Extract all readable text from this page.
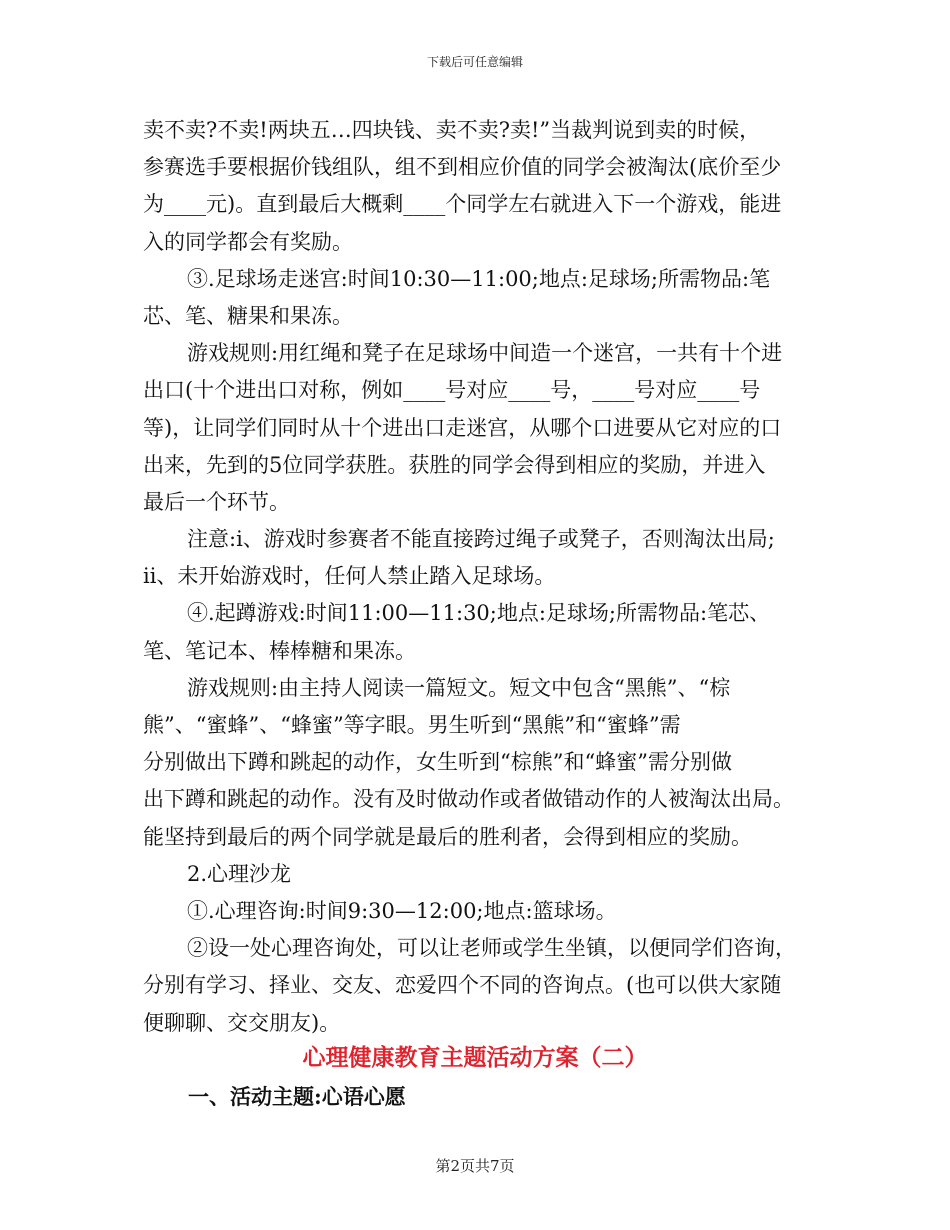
下载后可任意编辑
卖不卖?不卖!两块五…四块钱、卖不卖?卖!”当裁判说到卖的时候，
参赛选手要根据价钱组队，组不到相应价值的同学会被淘汰(底价至少
为____元)。直到最后大概剩____个同学左右就进入下一个游戏，能进
入的同学都会有奖励。
③.足球场走迷宫:时间10:30—11:00;地点:足球场;所需物品:笔
芯、笔、糖果和果冻。
游戏规则:用红绳和凳子在足球场中间造一个迷宫，一共有十个进
出口(十个进出口对称，例如____号对应____号，____号对应____号
等)，让同学们同时从十个进出口走迷宫，从哪个口进要从它对应的口
出来，先到的5位同学获胜。获胜的同学会得到相应的奖励，并进入
最后一个环节。
注意:ⅰ、游戏时参赛者不能直接跨过绳子或凳子，否则淘汰出局;
ⅱ、未开始游戏时，任何人禁止踏入足球场。
④.起蹲游戏:时间11:00—11:30;地点:足球场;所需物品:笔芯、
笔、笔记本、棒棒糖和果冻。
游戏规则:由主持人阅读一篇短文。短文中包含“黑熊”、“棕
熊”、“蜜蜂”、“蜂蜜”等字眼。男生听到“黑熊”和“蜜蜂”需
分别做出下蹲和跳起的动作，女生听到“棕熊”和“蜂蜜”需分别做
出下蹲和跳起的动作。没有及时做动作或者做错动作的人被淘汰出局。
能坚持到最后的两个同学就是最后的胜利者，会得到相应的奖励。
2.心理沙龙
①.心理咨询:时间9:30—12:00;地点:篮球场。
②设一处心理咨询处，可以让老师或学生坐镇，以便同学们咨询，
分别有学习、择业、交友、恋爱四个不同的咨询点。(也可以供大家随
便聊聊、交交朋友)。
心理健康教育主题活动方案（二）
一、活动主题:心语心愿
第2页共7页
